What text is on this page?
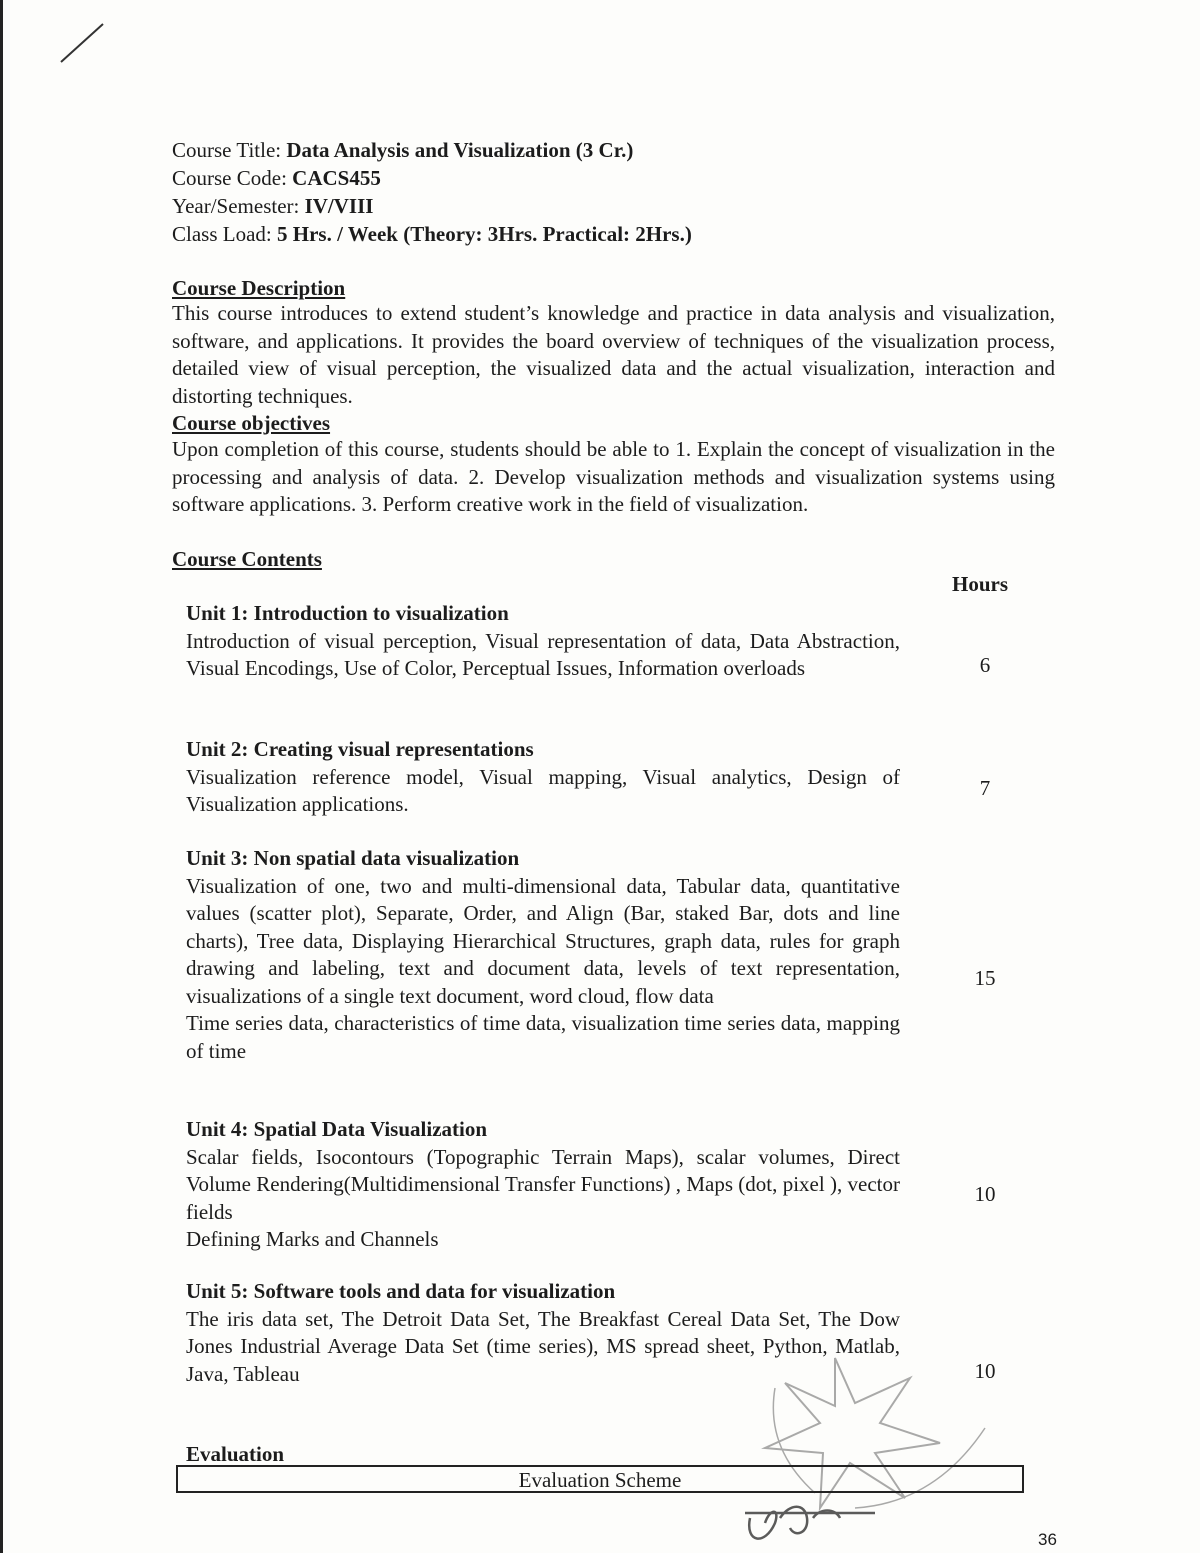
Course Title: Data Analysis and Visualization (3 Cr.)
Course Code: CACS455
Year/Semester: IV/VIII
Class Load: 5 Hrs. / Week (Theory: 3Hrs. Practical: 2Hrs.)
Course Description
This course introduces to extend student’s knowledge and practice in data analysis and visualization, software, and applications. It provides the board overview of techniques of the visualization process, detailed view of visual perception, the visualized data and the actual visualization, interaction and distorting techniques.
Course objectives
Upon completion of this course, students should be able to 1. Explain the concept of visualization in the processing and analysis of data. 2. Develop visualization methods and visualization systems using software applications. 3. Perform creative work in the field of visualization.
Course Contents
Hours
Unit 1: Introduction to visualization
Introduction of visual perception, Visual representation of data, Data Abstraction, Visual Encodings, Use of Color, Perceptual Issues, Information overloads	6
Unit 2: Creating visual representations
Visualization reference model, Visual mapping, Visual analytics, Design of Visualization applications.
7
Unit 3: Non spatial data visualization
Visualization of one, two and multi-dimensional data, Tabular data, quantitative values (scatter plot), Separate, Order, and Align (Bar, staked Bar, dots and line charts), Tree data, Displaying Hierarchical Structures, graph data, rules for graph drawing and labeling, text and document data, levels of text representation, visualizations of a single text document, word cloud, flow data
Time series data, characteristics of time data, visualization time series data, mapping of time
15
Unit 4: Spatial Data Visualization
Scalar fields, Isocontours (Topographic Terrain Maps), scalar volumes, Direct Volume Rendering(Multidimensional Transfer Functions) , Maps (dot, pixel ), vector fields
Defining Marks and Channels
10
Unit 5: Software tools and data for visualization
The iris data set, The Detroit Data Set, The Breakfast Cereal Data Set, The Dow Jones Industrial Average Data Set (time series), MS spread sheet, Python, Matlab, Java, Tableau	10
Evaluation
Evaluation Scheme
36
